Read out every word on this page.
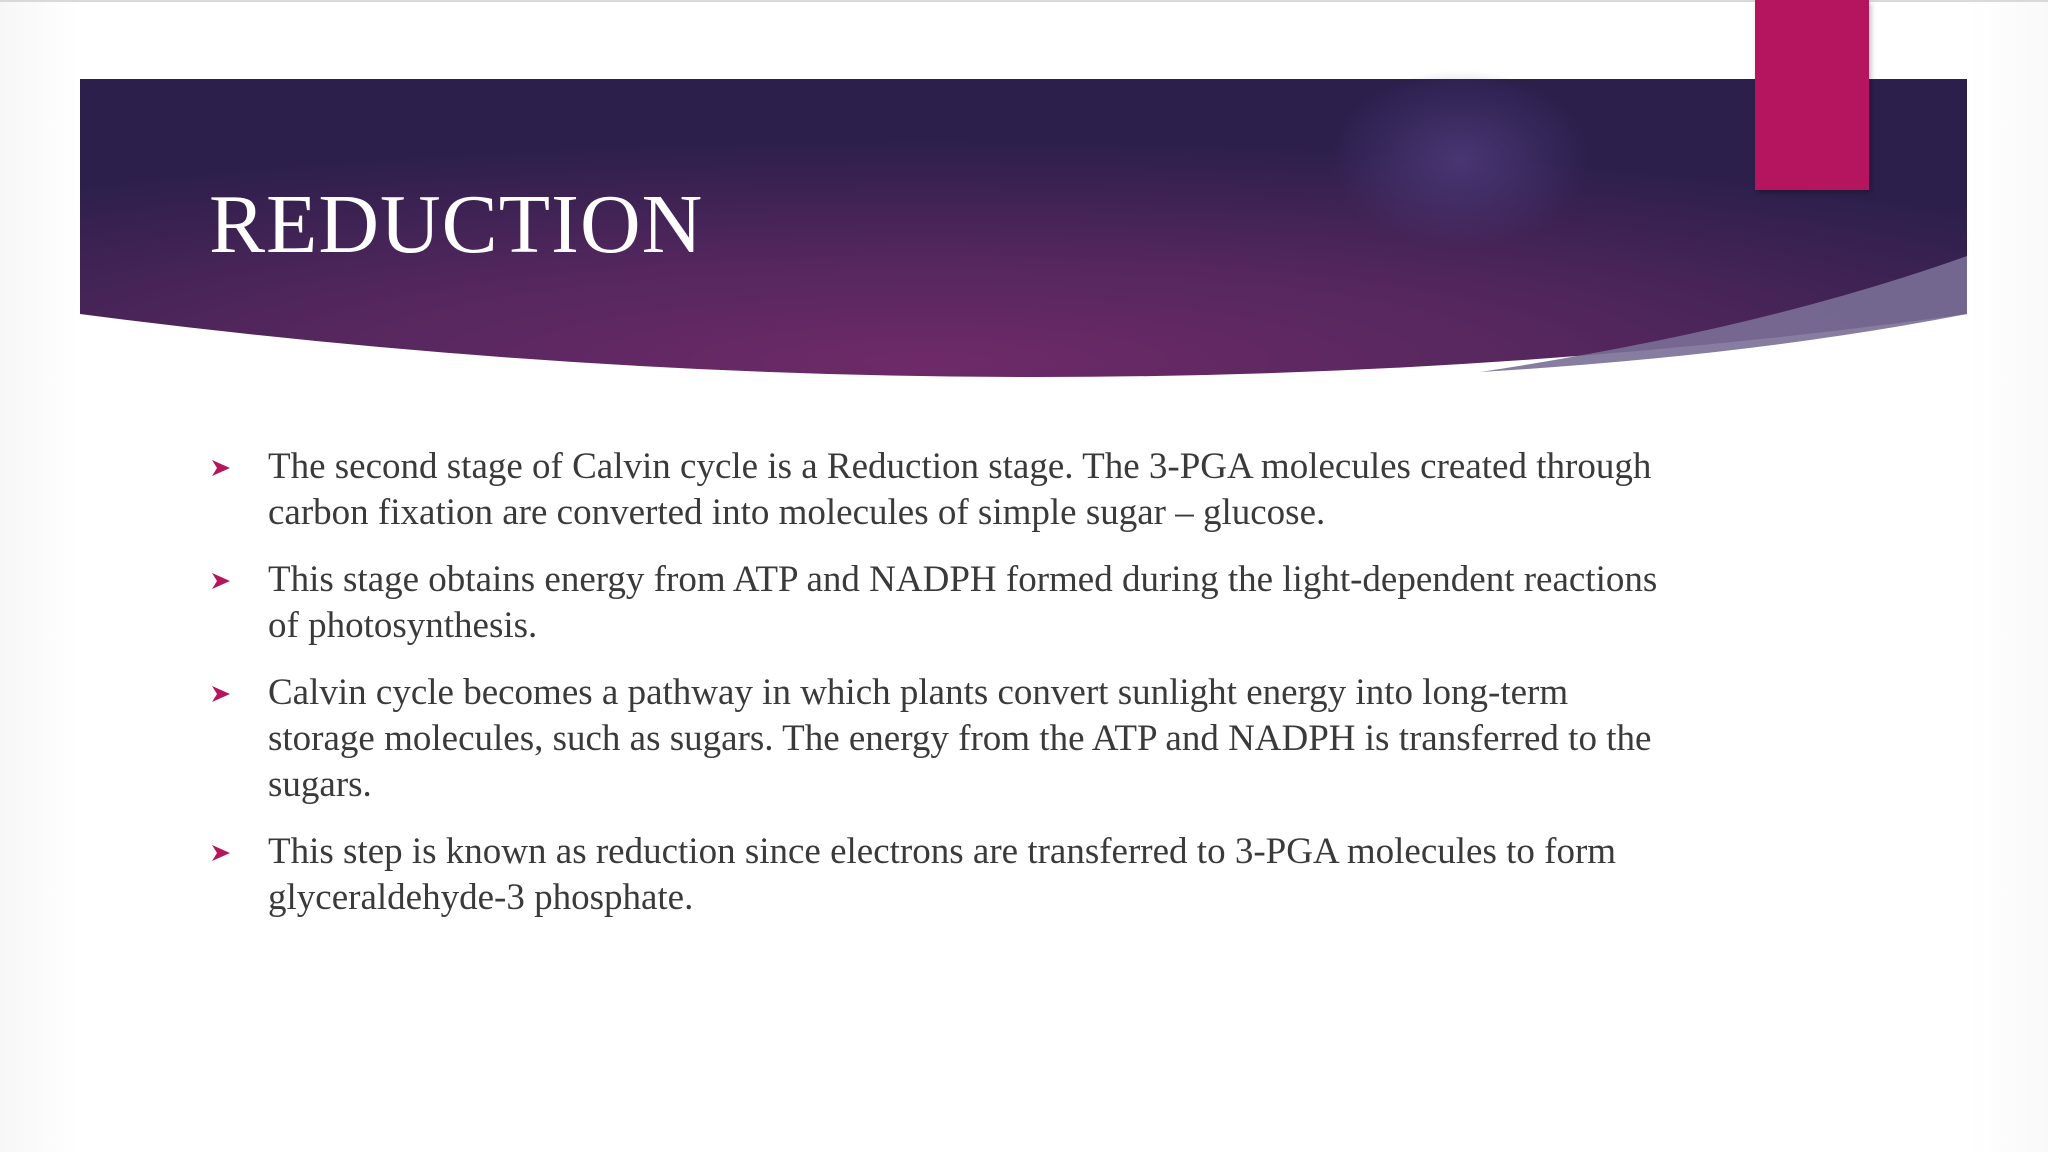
REDUCTION
The second stage of Calvin cycle is a Reduction stage. The 3-PGA molecules created through carbon fixation are converted into molecules of simple sugar – glucose.
This stage obtains energy from ATP and NADPH formed during the light-dependent reactions of photosynthesis.
Calvin cycle becomes a pathway in which plants convert sunlight energy into long-term storage molecules, such as sugars. The energy from the ATP and NADPH is transferred to the sugars.
This step is known as reduction since electrons are transferred to 3-PGA molecules to form glyceraldehyde-3 phosphate.
